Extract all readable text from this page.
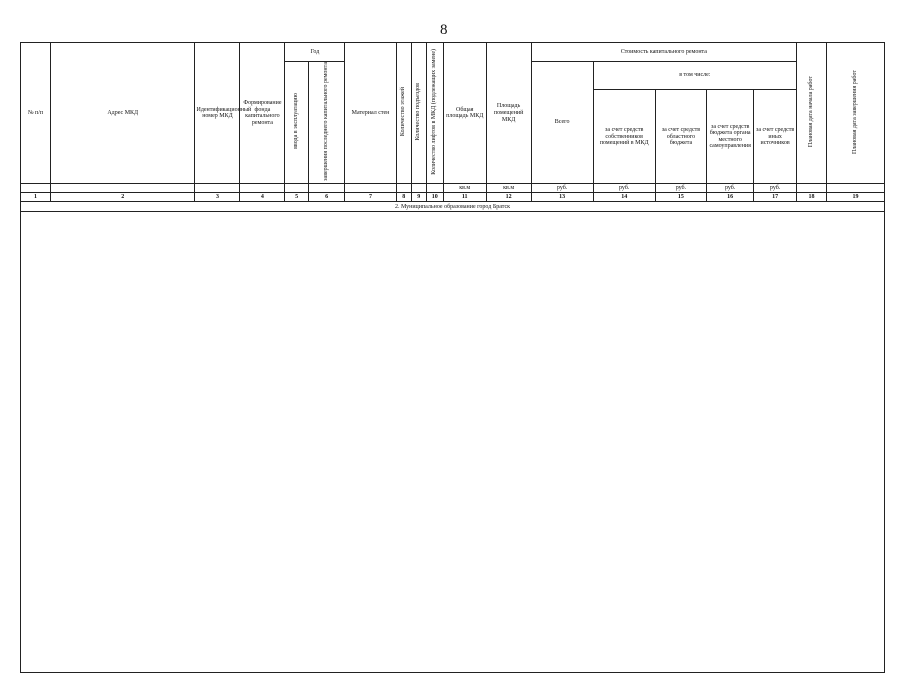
8
№ п/п	Адрес МКД	Идентификационный номер МКД	Формирование фонда капитального ремонта	Год		Материал стен	Количество этажей	Количество подъездов	Количество лифтов в МКД (подлежащих замене)	Общая площадь МКД	Площадь помещений МКД	Стоимость капитального ремонта					Плановая дата начала работ	Плановая дата завершения работ
				ввода в эксплуатацию	завершения последнего капитального ремонта							Всего	в том числе:					
													за счет средств собственников помещений в МКД	за счет средств областного бюджета	за счет средств бюджета органа местного самоуправления	за счет средств иных источников		
										кв.м	кв.м	руб.	руб.	руб.	руб.	руб.		
1	2	3	4	5	6	7	8	9	10	11	12	13	14	15	16	17	18	19
2. Муниципальное образование город Братск																		
